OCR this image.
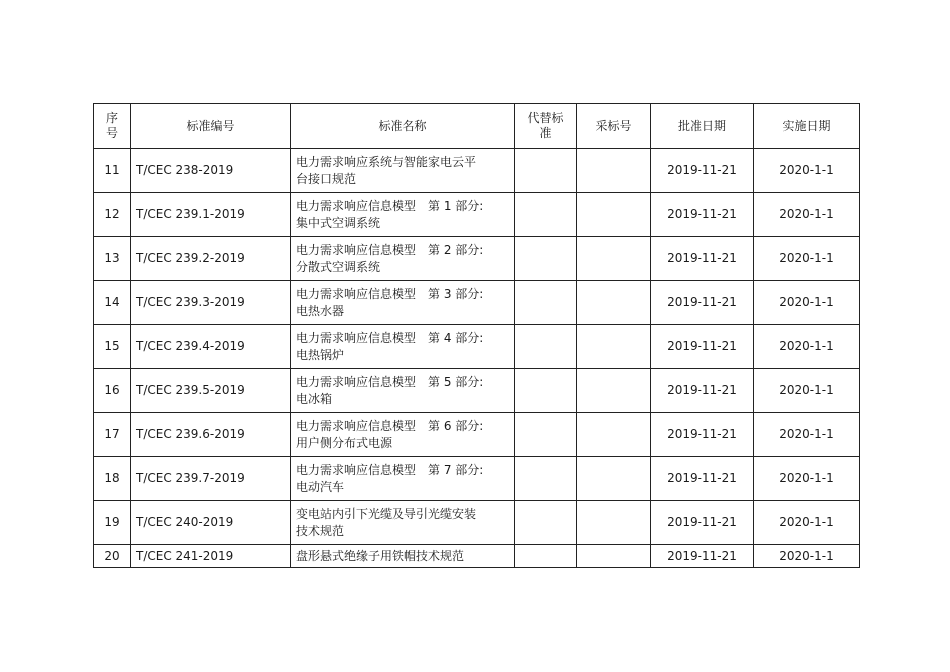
序号	标准编号	标准名称	代替标准	采标号	批准日期	实施日期
11	T/CEC 238-2019	电力需求响应系统与智能家电云平
台接口规范			2019-11-21	2020-1-1
12	T/CEC 239.1-2019	电力需求响应信息模型　第 1 部分:
集中式空调系统			2019-11-21	2020-1-1
13	T/CEC 239.2-2019	电力需求响应信息模型　第 2 部分:
分散式空调系统			2019-11-21	2020-1-1
14	T/CEC 239.3-2019	电力需求响应信息模型　第 3 部分:
电热水器			2019-11-21	2020-1-1
15	T/CEC 239.4-2019	电力需求响应信息模型　第 4 部分:
电热锅炉			2019-11-21	2020-1-1
16	T/CEC 239.5-2019	电力需求响应信息模型　第 5 部分:
电冰箱			2019-11-21	2020-1-1
17	T/CEC 239.6-2019	电力需求响应信息模型　第 6 部分:
用户侧分布式电源			2019-11-21	2020-1-1
18	T/CEC 239.7-2019	电力需求响应信息模型　第 7 部分:
电动汽车			2019-11-21	2020-1-1
19	T/CEC 240-2019	变电站内引下光缆及导引光缆安装
技术规范			2019-11-21	2020-1-1
20	T/CEC 241-2019	盘形悬式绝缘子用铁帽技术规范			2019-11-21	2020-1-1
